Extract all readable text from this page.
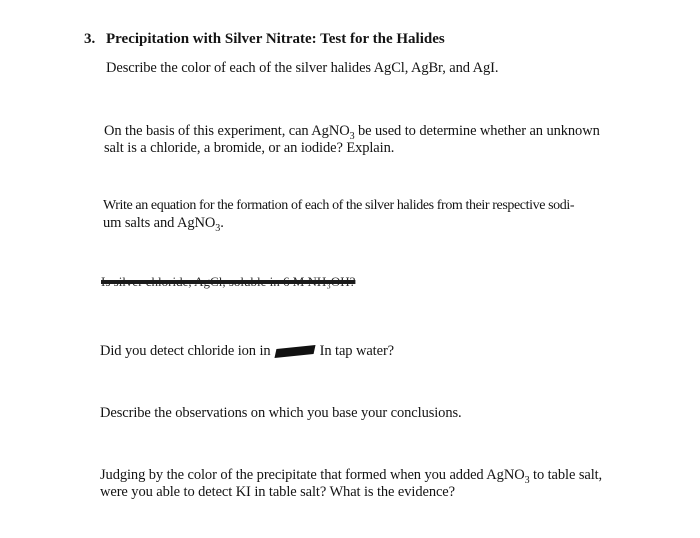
3. Precipitation with Silver Nitrate: Test for the Halides
Describe the color of each of the silver halides AgCl, AgBr, and AgI.
On the basis of this experiment, can AgNO$_3$ be used to determine whether an unknown
salt is a chloride, a bromide, or an iodide? Explain.
Write an equation for the formation of each of the silver halides from their respective sodi-
um salts and AgNO$_3$.
Is silver chloride, AgCl, soluble in 6 M NH₃OH?
Did you detect chloride ion in	In tap water?
Describe the observations on which you base your conclusions.
Judging by the color of the precipitate that formed when you added AgNO$_3$ to table salt,
were you able to detect KI in table salt? What is the evidence?
